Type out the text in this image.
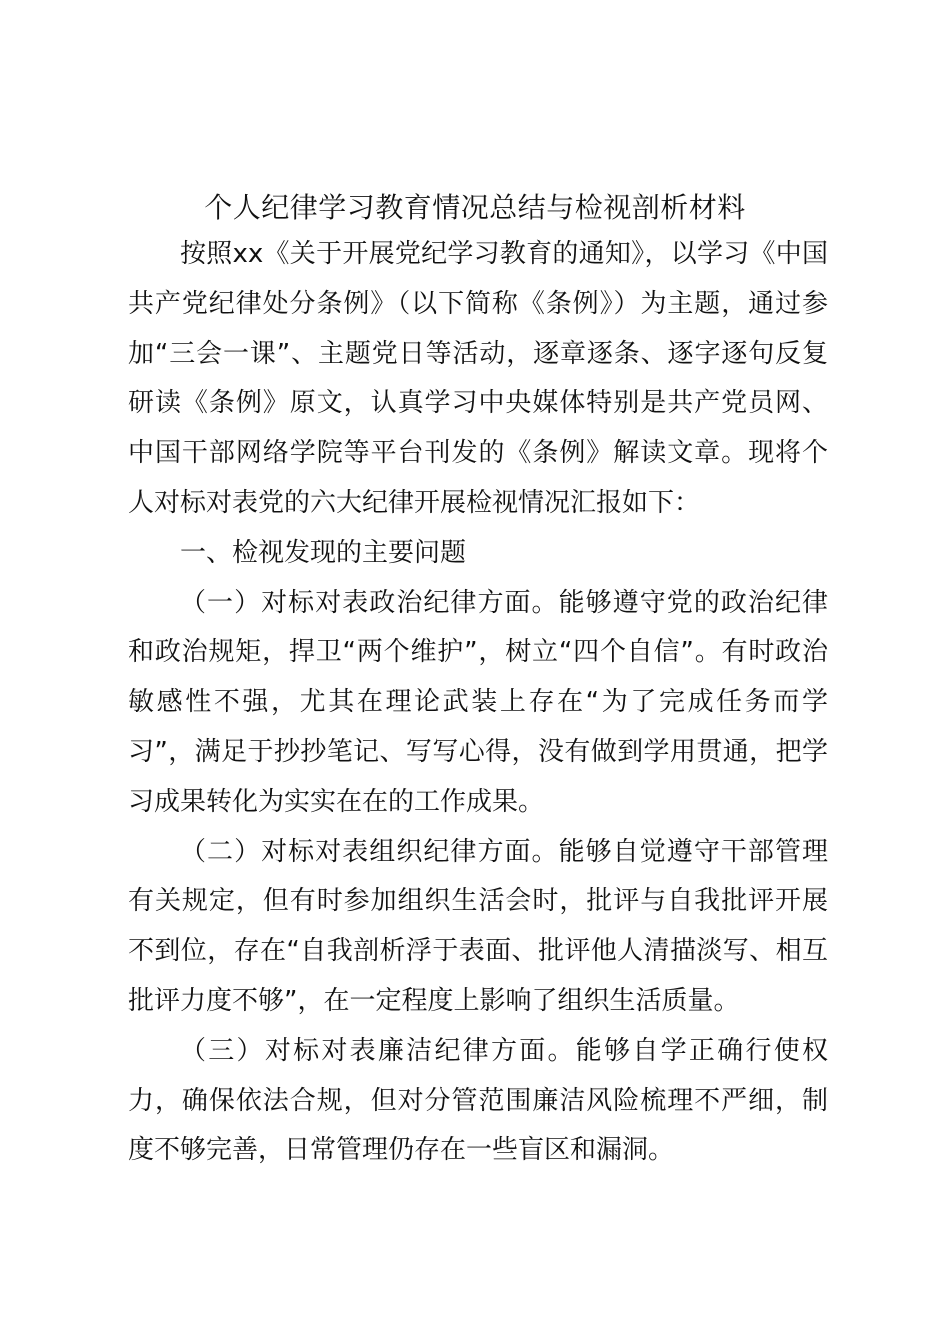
个人纪律学习教育情况总结与检视剖析材料

按照xx《关于开展党纪学习教育的通知》，以学习《中国共产党纪律处分条例》（以下简称《条例》）为主题，通过参加“三会一课”、主题党日等活动，逐章逐条、逐字逐句反复研读《条例》原文，认真学习中央媒体特别是共产党员网、中国干部网络学院等平台刊发的《条例》解读文章。现将个人对标对表党的六大纪律开展检视情况汇报如下：

一、检视发现的主要问题

（一）对标对表政治纪律方面。能够遵守党的政治纪律和政治规矩，捍卫“两个维护”，树立“四个自信”。有时政治敏感性不强，尤其在理论武装上存在“为了完成任务而学习”，满足于抄抄笔记、写写心得，没有做到学用贯通，把学习成果转化为实实在在的工作成果。

（二）对标对表组织纪律方面。能够自觉遵守干部管理有关规定，但有时参加组织生活会时，批评与自我批评开展不到位，存在“自我剖析浮于表面、批评他人清描淡写、相互批评力度不够”，在一定程度上影响了组织生活质量。

（三）对标对表廉洁纪律方面。能够自学正确行使权力，确保依法合规，但对分管范围廉洁风险梳理不严细，制度不够完善，日常管理仍存在一些盲区和漏洞。
